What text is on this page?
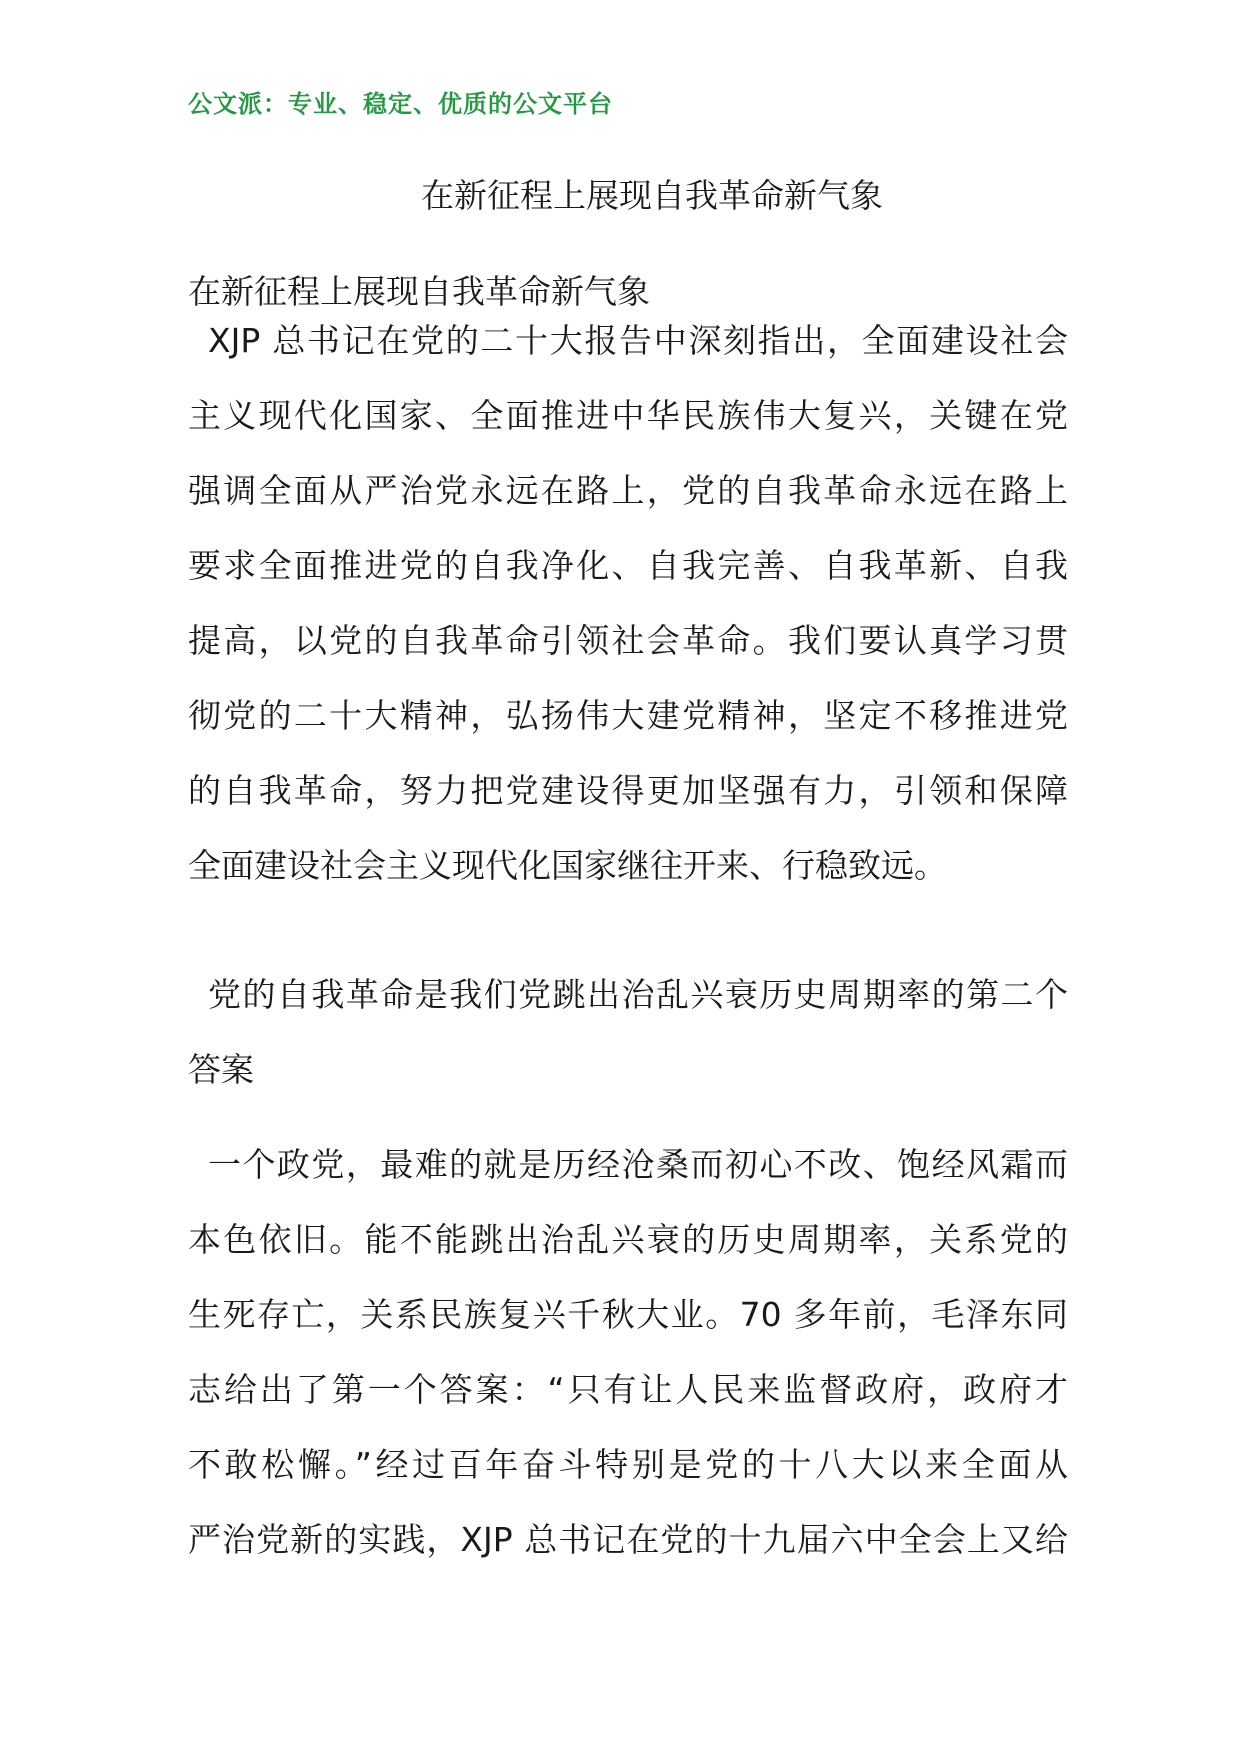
公文派：专业、稳定、优质的公文平台
在新征程上展现自我革命新气象
在新征程上展现自我革命新气象
XJP 总书记在党的二十大报告中深刻指出，全面建设社会
主义现代化国家、全面推进中华民族伟大复兴，关键在党
强调全面从严治党永远在路上，党的自我革命永远在路上
要求全面推进党的自我净化、自我完善、自我革新、自我
提高，以党的自我革命引领社会革命。我们要认真学习贯
彻党的二十大精神，弘扬伟大建党精神，坚定不移推进党
的自我革命，努力把党建设得更加坚强有力，引领和保障
全面建设社会主义现代化国家继往开来、行稳致远。
党的自我革命是我们党跳出治乱兴衰历史周期率的第二个
答案
一个政党，最难的就是历经沧桑而初心不改、饱经风霜而
本色依旧。能不能跳出治乱兴衰的历史周期率，关系党的
生死存亡，关系民族复兴千秋大业。70 多年前，毛泽东同
志给出了第一个答案：“只有让人民来监督政府，政府才
不敢松懈。”经过百年奋斗特别是党的十八大以来全面从
严治党新的实践，XJP 总书记在党的十九届六中全会上又给
